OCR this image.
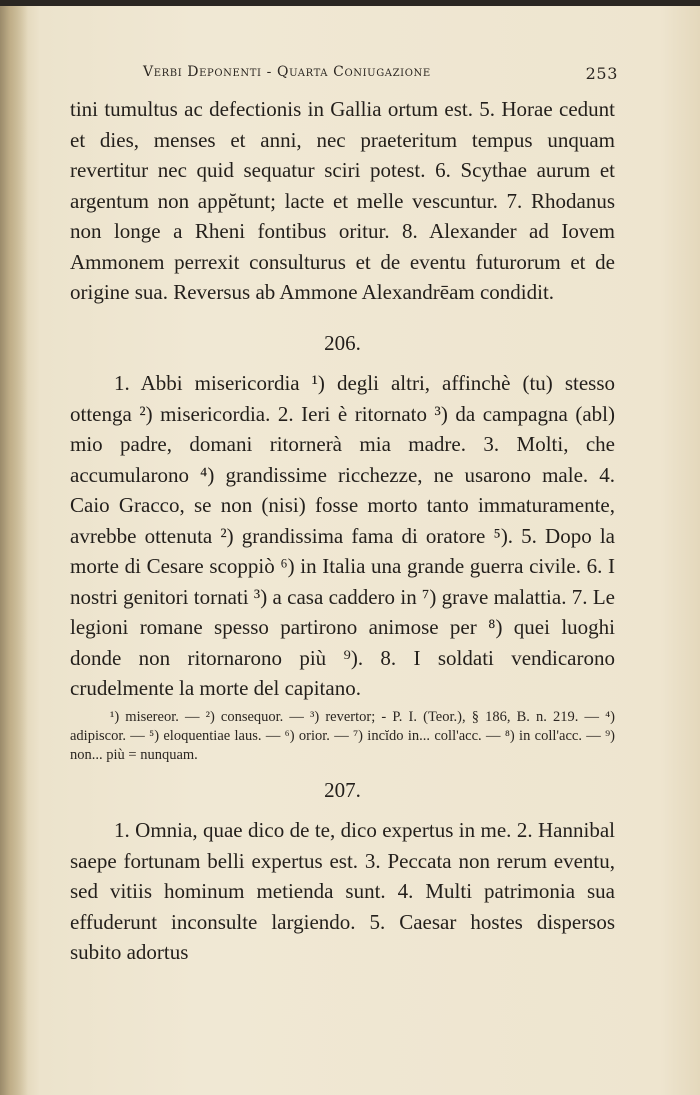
Verbi Deponenti - Quarta Coniugazione	253

tini tumultus ac defectionis in Gallia ortum est. 5. Horae cedunt et dies, menses et anni, nec praeteritum tempus unquam revertitur nec quid sequatur sciri potest. 6. Scythae aurum et argentum non appĕtunt; lacte et melle vescuntur. 7. Rhodanus non longe a Rheni fontibus oritur. 8. Alexander ad Iovem Ammonem perrexit consulturus et de eventu futurorum et de origine sua. Reversus ab Ammone Alexandrēam condidit.

206.

1. Abbi misericordia ¹) degli altri, affinchè (tu) stesso ottenga ²) misericordia. 2. Ieri è ritornato ³) da campagna (abl) mio padre, domani ritornerà mia madre. 3. Molti, che accumularono ⁴) grandissime ricchezze, ne usarono male. 4. Caio Gracco, se non (nisi) fosse morto tanto immaturamente, avrebbe ottenuta ²) grandissima fama di oratore ⁵). 5. Dopo la morte di Cesare scoppiò ⁶) in Italia una grande guerra civile. 6. I nostri genitori tornati ³) a casa caddero in ⁷) grave malattia. 7. Le legioni romane spesso partirono animose per ⁸) quei luoghi donde non ritornarono più ⁹). 8. I soldati vendicarono crudelmente la morte del capitano.

¹) misereor. — ²) consequor. — ³) revertor; - P. I. (Teor.), § 186, B. n. 219. — ⁴) adipiscor. — ⁵) eloquentiae laus. — ⁶) orior. — ⁷) incĭdo in... coll'acc. — ⁸) in coll'acc. — ⁹) non... più = nunquam.

207.

1. Omnia, quae dico de te, dico expertus in me. 2. Hannibal saepe fortunam belli expertus est. 3. Peccata non rerum eventu, sed vitiis hominum metienda sunt. 4. Multi patrimonia sua effuderunt inconsulte largiendo. 5. Caesar hostes dispersos subito adortus
